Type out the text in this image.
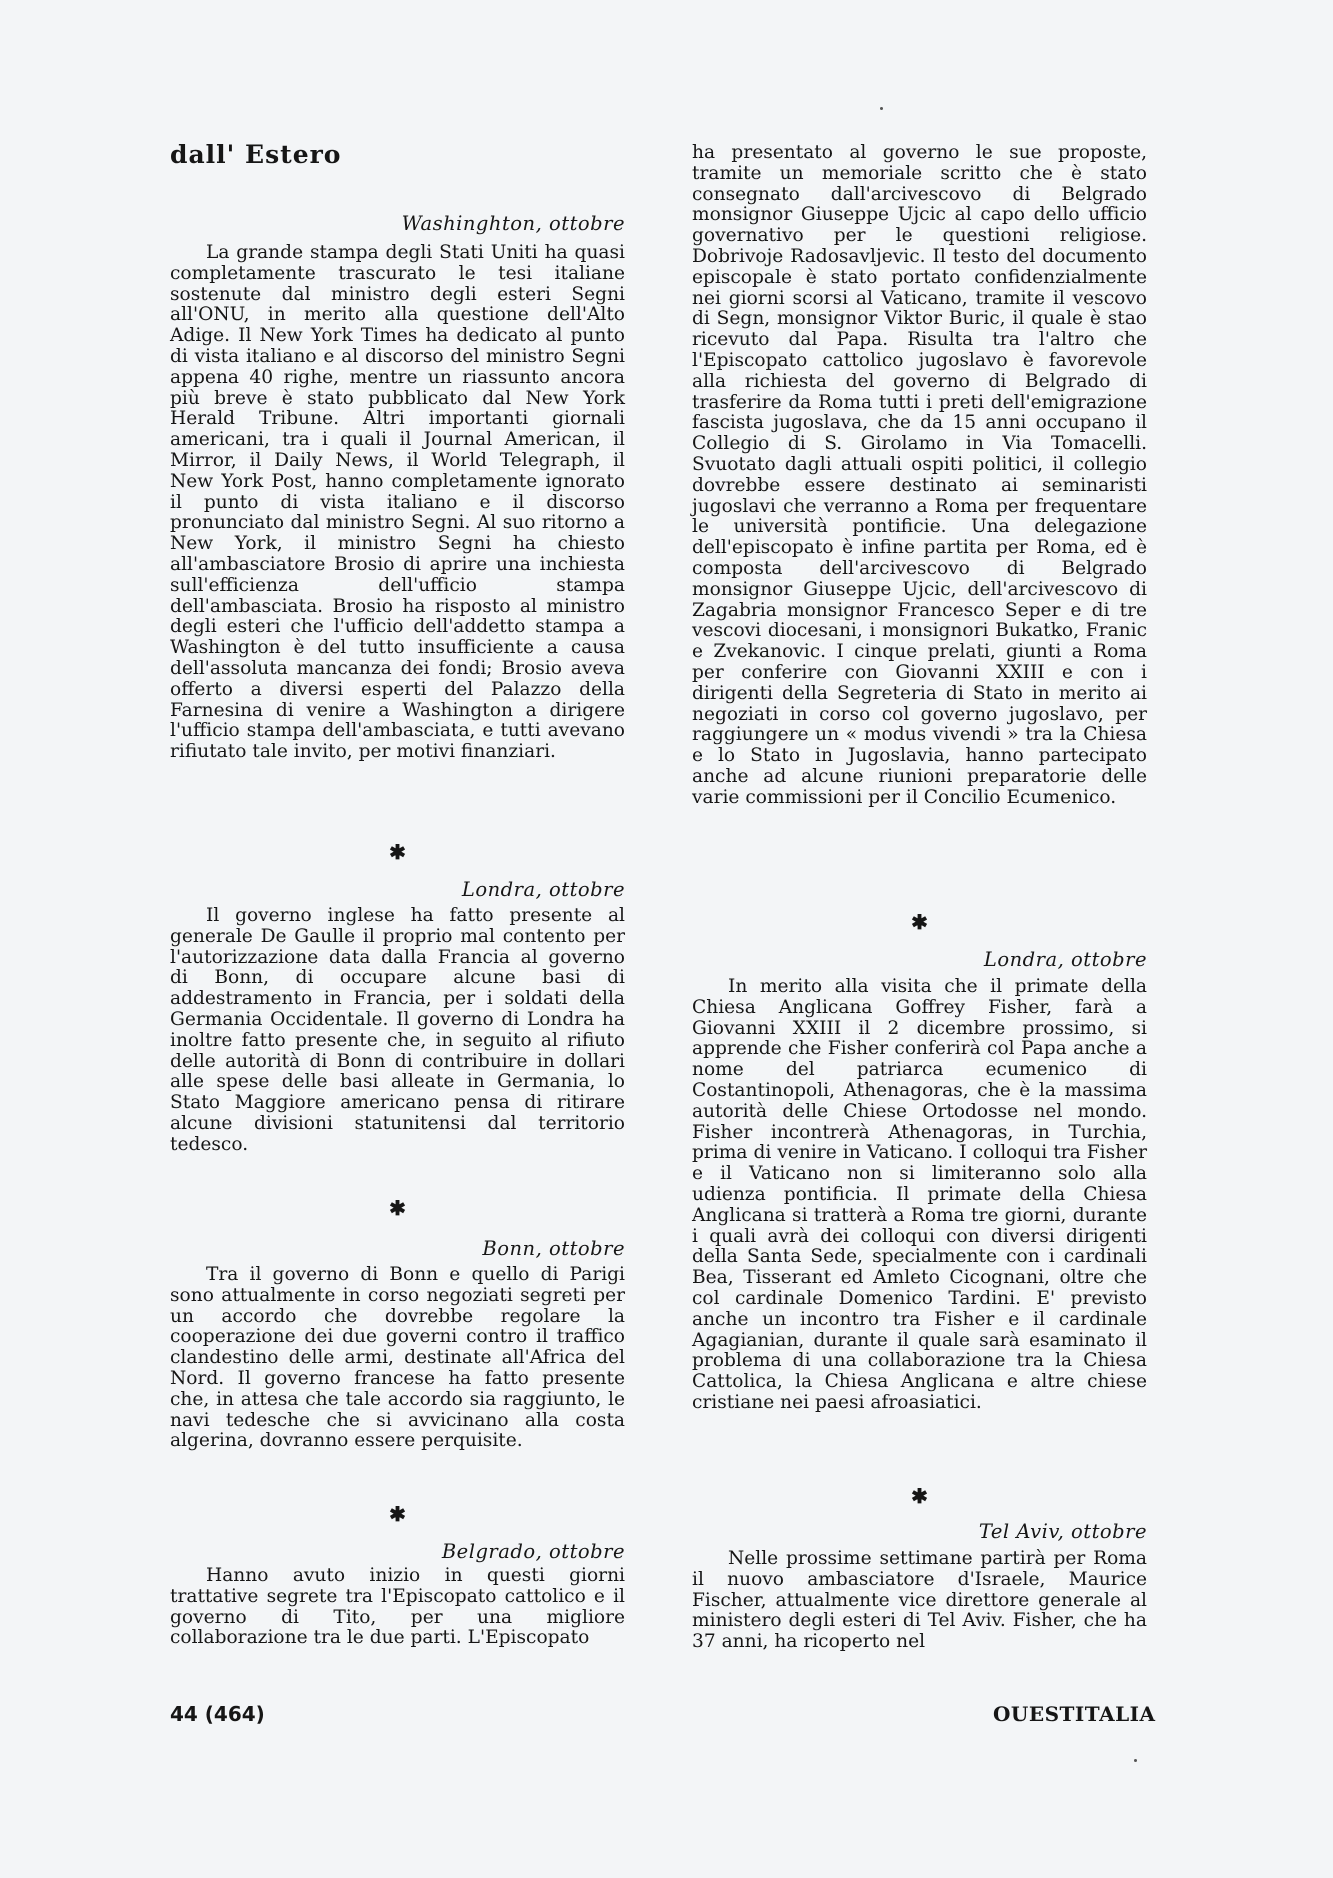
dall' Estero
Washinghton, ottobre

La grande stampa degli Stati Uniti ha quasi completamente trascurato le tesi italiane sostenute dal ministro degli esteri Segni all'ONU, in merito alla questione dell'Alto Adige. Il New York Times ha dedicato al punto di vista italiano e al discorso del ministro Segni appena 40 righe, mentre un riassunto ancora più breve è stato pubblicato dal New York Herald Tribune. Altri importanti giornali americani, tra i quali il Journal American, il Mirror, il Daily News, il World Telegraph, il New York Post, hanno completamente ignorato il punto di vista italiano e il discorso pronunciato dal ministro Segni. Al suo ritorno a New York, il ministro Segni ha chiesto all'ambasciatore Brosio di aprire una inchiesta sull'efficienza dell'ufficio stampa dell'ambasciata. Brosio ha risposto al ministro degli esteri che l'ufficio dell'addetto stampa a Washington è del tutto insufficiente a causa dell'assoluta mancanza dei fondi; Brosio aveva offerto a diversi esperti del Palazzo della Farnesina di venire a Washington a dirigere l'ufficio stampa dell'ambasciata, e tutti avevano rifiutato tale invito, per motivi finanziari.

✱
Londra, ottobre

Il governo inglese ha fatto presente al generale De Gaulle il proprio mal contento per l'autorizzazione data dalla Francia al governo di Bonn, di occupare alcune basi di addestramento in Francia, per i soldati della Germania Occidentale. Il governo di Londra ha inoltre fatto presente che, in seguito al rifiuto delle autorità di Bonn di contribuire in dollari alle spese delle basi alleate in Germania, lo Stato Maggiore americano pensa di ritirare alcune divisioni statunitensi dal territorio tedesco.

✱
Bonn, ottobre

Tra il governo di Bonn e quello di Parigi sono attualmente in corso negoziati segreti per un accordo che dovrebbe regolare la cooperazione dei due governi contro il traffico clandestino delle armi, destinate all'Africa del Nord. Il governo francese ha fatto presente che, in attesa che tale accordo sia raggiunto, le navi tedesche che si avvicinano alla costa algerina, dovranno essere perquisite.

✱
Belgrado, ottobre

Hanno avuto inizio in questi giorni trattative segrete tra l'Episcopato cattolico e il governo di Tito, per una migliore collaborazione tra le due parti. L'Episcopato

ha presentato al governo le sue proposte, tramite un memoriale scritto che è stato consegnato dall'arcivescovo di Belgrado monsignor Giuseppe Ujcic al capo dello ufficio governativo per le questioni religiose. Dobrivoje Radosavljevic. Il testo del documento episcopale è stato portato confidenzialmente nei giorni scorsi al Vaticano, tramite il vescovo di Segn, monsignor Viktor Buric, il quale è stao ricevuto dal Papa. Risulta tra l'altro che l'Episcopato cattolico jugoslavo è favorevole alla richiesta del governo di Belgrado di trasferire da Roma tutti i preti dell'emigrazione fascista jugoslava, che da 15 anni occupano il Collegio di S. Girolamo in Via Tomacelli. Svuotato dagli attuali ospiti politici, il collegio dovrebbe essere destinato ai seminaristi jugoslavi che verranno a Roma per frequentare le università pontificie. Una delegazione dell'episcopato è infine partita per Roma, ed è composta dell'arcivescovo di Belgrado monsignor Giuseppe Ujcic, dell'arcivescovo di Zagabria monsignor Francesco Seper e di tre vescovi diocesani, i monsignori Bukatko, Franic e Zvekanovic. I cinque prelati, giunti a Roma per conferire con Giovanni XXIII e con i dirigenti della Segreteria di Stato in merito ai negoziati in corso col governo jugoslavo, per raggiungere un « modus vivendi » tra la Chiesa e lo Stato in Jugoslavia, hanno partecipato anche ad alcune riunioni preparatorie delle varie commissioni per il Concilio Ecumenico.

✱
Londra, ottobre

In merito alla visita che il primate della Chiesa Anglicana Goffrey Fisher, farà a Giovanni XXIII il 2 dicembre prossimo, si apprende che Fisher conferirà col Papa anche a nome del patriarca ecumenico di Costantinopoli, Athenagoras, che è la massima autorità delle Chiese Ortodosse nel mondo. Fisher incontrerà Athenagoras, in Turchia, prima di venire in Vaticano. I colloqui tra Fisher e il Vaticano non si limiteranno solo alla udienza pontificia. Il primate della Chiesa Anglicana si tratterà a Roma tre giorni, durante i quali avrà dei colloqui con diversi dirigenti della Santa Sede, specialmente con i cardinali Bea, Tisserant ed Amleto Cicognani, oltre che col cardinale Domenico Tardini. E' previsto anche un incontro tra Fisher e il cardinale Agagianian, durante il quale sarà esaminato il problema di una collaborazione tra la Chiesa Cattolica, la Chiesa Anglicana e altre chiese cristiane nei paesi afroasiatici.

✱
Tel Aviv, ottobre

Nelle prossime settimane partirà per Roma il nuovo ambasciatore d'Israele, Maurice Fischer, attualmente vice direttore generale al ministero degli esteri di Tel Aviv. Fisher, che ha 37 anni, ha ricoperto nel

44 (464)	OUESTITALIA
